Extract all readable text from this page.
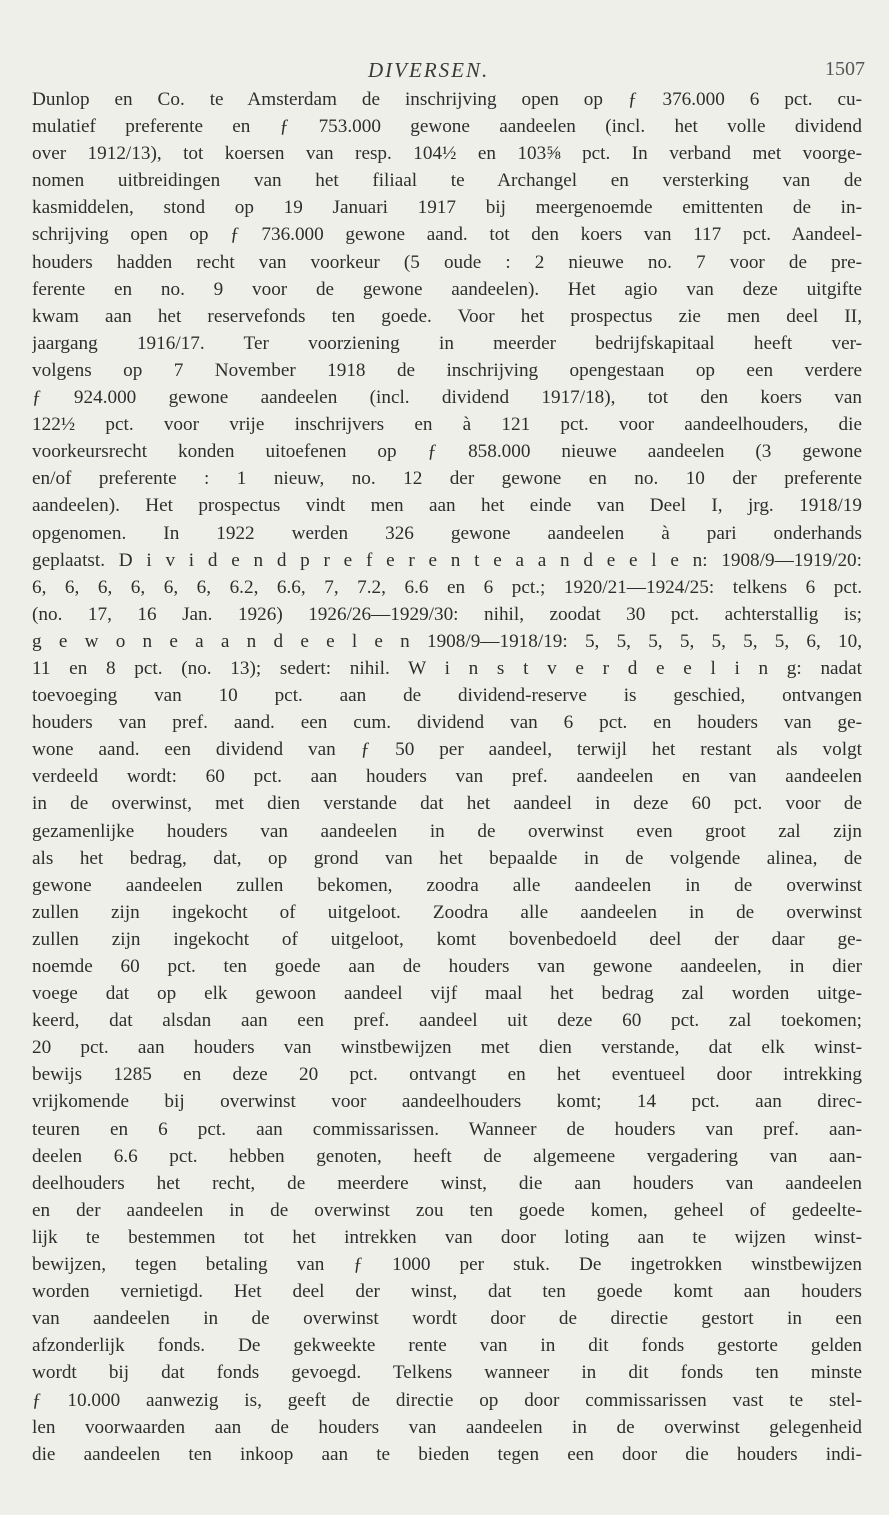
DIVERSEN.	1507
Dunlop en Co. te Amsterdam de inschrijving open op ƒ 376.000 6 pct. cu-
mulatief preferente en ƒ 753.000 gewone aandeelen (incl. het volle dividend
over 1912/13), tot koersen van resp. 104½ en 103⅝ pct. In verband met voorge-
nomen uitbreidingen van het filiaal te Archangel en versterking van de
kasmiddelen, stond op 19 Januari 1917 bij meergenoemde emittenten de in-
schrijving open op ƒ 736.000 gewone aand. tot den koers van 117 pct. Aandeel-
houders hadden recht van voorkeur (5 oude : 2 nieuwe no. 7 voor de pre-
ferente en no. 9 voor de gewone aandeelen). Het agio van deze uitgifte
kwam aan het reservefonds ten goede. Voor het prospectus zie men deel II,
jaargang 1916/17. Ter voorziening in meerder bedrijfskapitaal heeft ver-
volgens op 7 November 1918 de inschrijving opengestaan op een verdere
ƒ 924.000 gewone aandeelen (incl. dividend 1917/18), tot den koers van
122½ pct. voor vrije inschrijvers en à 121 pct. voor aandeelhouders, die
voorkeursrecht konden uitoefenen op ƒ 858.000 nieuwe aandeelen (3 gewone
en/of preferente : 1 nieuw, no. 12 der gewone en no. 10 der preferente
aandeelen). Het prospectus vindt men aan het einde van Deel I, jrg. 1918/19
opgenomen. In 1922 werden 326 gewone aandeelen à pari onderhands
geplaatst. D i v i d e n d p r e f e r e n t e a a n d e e l e n: 1908/9—1919/20:
6, 6, 6, 6, 6, 6, 6.2, 6.6, 7, 7.2, 6.6 en 6 pct.; 1920/21—1924/25: telkens 6 pct.
(no. 17, 16 Jan. 1926) 1926/26—1929/30: nihil, zoodat 30 pct. achterstallig is;
g e w o n e a a n d e e l e n 1908/9—1918/19: 5, 5, 5, 5, 5, 5, 5, 6, 10,
11 en 8 pct. (no. 13); sedert: nihil. W i n s t v e r d e e l i n g: nadat
toevoeging van 10 pct. aan de dividend-reserve is geschied, ontvangen
houders van pref. aand. een cum. dividend van 6 pct. en houders van ge-
wone aand. een dividend van ƒ 50 per aandeel, terwijl het restant als volgt
verdeeld wordt: 60 pct. aan houders van pref. aandeelen en van aandeelen
in de overwinst, met dien verstande dat het aandeel in deze 60 pct. voor de
gezamenlijke houders van aandeelen in de overwinst even groot zal zijn
als het bedrag, dat, op grond van het bepaalde in de volgende alinea, de
gewone aandeelen zullen bekomen, zoodra alle aandeelen in de overwinst
zullen zijn ingekocht of uitgeloot. Zoodra alle aandeelen in de overwinst
zullen zijn ingekocht of uitgeloot, komt bovenbedoeld deel der daar ge-
noemde 60 pct. ten goede aan de houders van gewone aandeelen, in dier
voege dat op elk gewoon aandeel vijf maal het bedrag zal worden uitge-
keerd, dat alsdan aan een pref. aandeel uit deze 60 pct. zal toekomen;
20 pct. aan houders van winstbewijzen met dien verstande, dat elk winst-
bewijs 1285 en deze 20 pct. ontvangt en het eventueel door intrekking
vrijkomende bij overwinst voor aandeelhouders komt; 14 pct. aan direc-
teuren en 6 pct. aan commissarissen. Wanneer de houders van pref. aan-
deelen 6.6 pct. hebben genoten, heeft de algemeene vergadering van aan-
deelhouders het recht, de meerdere winst, die aan houders van aandeelen
en der aandeelen in de overwinst zou ten goede komen, geheel of gedeelte-
lijk te bestemmen tot het intrekken van door loting aan te wijzen winst-
bewijzen, tegen betaling van ƒ 1000 per stuk. De ingetrokken winstbewijzen
worden vernietigd. Het deel der winst, dat ten goede komt aan houders
van aandeelen in de overwinst wordt door de directie gestort in een
afzonderlijk fonds. De gekweekte rente van in dit fonds gestorte gelden
wordt bij dat fonds gevoegd. Telkens wanneer in dit fonds ten minste
ƒ 10.000 aanwezig is, geeft de directie op door commissarissen vast te stel-
len voorwaarden aan de houders van aandeelen in de overwinst gelegenheid
die aandeelen ten inkoop aan te bieden tegen een door die houders indi-
